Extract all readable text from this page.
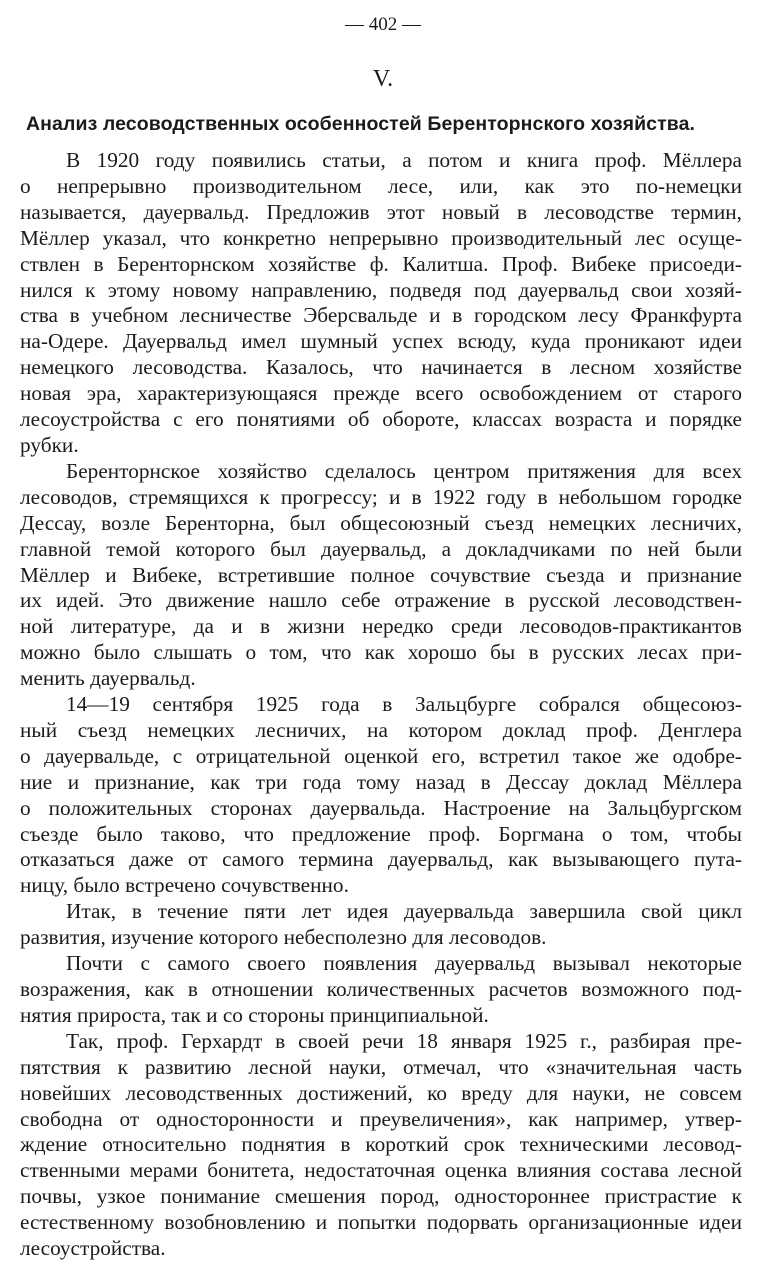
— 402 —
V.
Анализ лесоводственных особенностей Беренторнского хозяйства.
В 1920 году появились статьи, а потом и книга проф. Мёллера
о непрерывно производительном лесе, или, как это по-немецки
называется, дауервальд. Предложив этот новый в лесоводстве термин,
Мёллер указал, что конкретно непрерывно производительный лес осуще-
ствлен в Беренторнском хозяйстве ф. Калитша. Проф. Вибеке присоеди-
нился к этому новому направлению, подведя под дауервальд свои хозяй-
ства в учебном лесничестве Эберсвальде и в городском лесу Франкфурта
на-Одере. Дауервальд имел шумный успех всюду, куда проникают идеи
немецкого лесоводства. Казалось, что начинается в лесном хозяйстве
новая эра, характеризующаяся прежде всего освобождением от старого
лесоустройства с его понятиями об обороте, классах возраста и порядке
рубки.
Беренторнское хозяйство сделалось центром притяжения для всех
лесоводов, стремящихся к прогрессу; и в 1922 году в небольшом городке
Дессау, возле Беренторна, был общесоюзный съезд немецких лесничих,
главной темой которого был дауервальд, а докладчиками по ней были
Мёллер и Вибеке, встретившие полное сочувствие съезда и признание
их идей. Это движение нашло себе отражение в русской лесоводствен-
ной литературе, да и в жизни нередко среди лесоводов-практикантов
можно было слышать о том, что как хорошо бы в русских лесах при-
менить дауервальд.
14—19 сентября 1925 года в Зальцбурге собрался общесоюз-
ный съезд немецких лесничих, на котором доклад проф. Денглера
о дауервальде, с отрицательной оценкой его, встретил такое же одобре-
ние и признание, как три года тому назад в Дессау доклад Мёллера
о положительных сторонах дауервальда. Настроение на Зальцбургском
съезде было таково, что предложение проф. Боргмана о том, чтобы
отказаться даже от самого термина дауервальд, как вызывающего пута-
ницу, было встречено сочувственно.
Итак, в течение пяти лет идея дауервальда завершила свой цикл
развития, изучение которого небесполезно для лесоводов.
Почти с самого своего появления дауервальд вызывал некоторые
возражения, как в отношении количественных расчетов возможного под-
нятия прироста, так и со стороны принципиальной.
Так, проф. Герхардт в своей речи 18 января 1925 г., разбирая пре-
пятствия к развитию лесной науки, отмечал, что «значительная часть
новейших лесоводственных достижений, ко вреду для науки, не совсем
свободна от односторонности и преувеличения», как например, утвер-
ждение относительно поднятия в короткий срок техническими лесовод-
ственными мерами бонитета, недостаточная оценка влияния состава лесной
почвы, узкое понимание смешения пород, одностороннее пристрастие к
естественному возобновлению и попытки подорвать организационные идеи
лесоустройства.
